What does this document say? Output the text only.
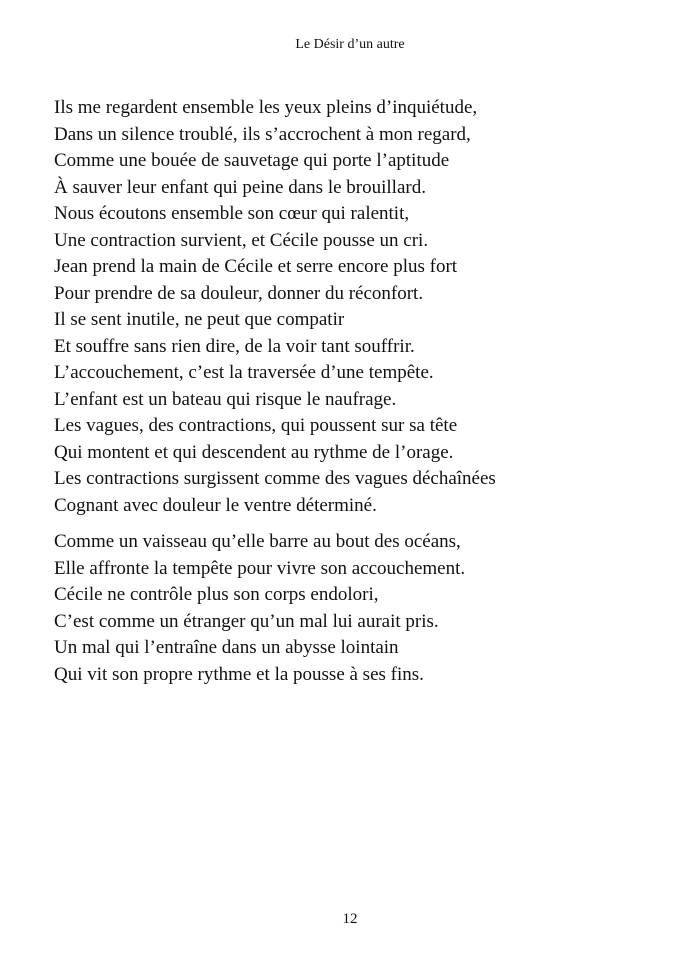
Le Désir d’un autre
Ils me regardent ensemble les yeux pleins d’inquiétude,
Dans un silence troublé, ils s’accrochent à mon regard,
Comme une bouée de sauvetage qui porte l’aptitude
À sauver leur enfant qui peine dans le brouillard.
Nous écoutons ensemble son cœur qui ralentit,
Une contraction survient, et Cécile pousse un cri.
Jean prend la main de Cécile et serre encore plus fort
Pour prendre de sa douleur, donner du réconfort.
Il se sent inutile, ne peut que compatir
Et souffre sans rien dire, de la voir tant souffrir.
L’accouchement, c’est la traversée d’une tempête.
L’enfant est un bateau qui risque le naufrage.
Les vagues, des contractions, qui poussent sur sa tête
Qui montent et qui descendent au rythme de l’orage.
Les contractions surgissent comme des vagues déchaînées
Cognant avec douleur le ventre déterminé.
Comme un vaisseau qu’elle barre au bout des océans,
Elle affronte la tempête pour vivre son accouchement.
Cécile ne contrôle plus son corps endolori,
C’est comme un étranger qu’un mal lui aurait pris.
Un mal qui l’entraîne dans un abysse lointain
Qui vit son propre rythme et la pousse à ses fins.
12
